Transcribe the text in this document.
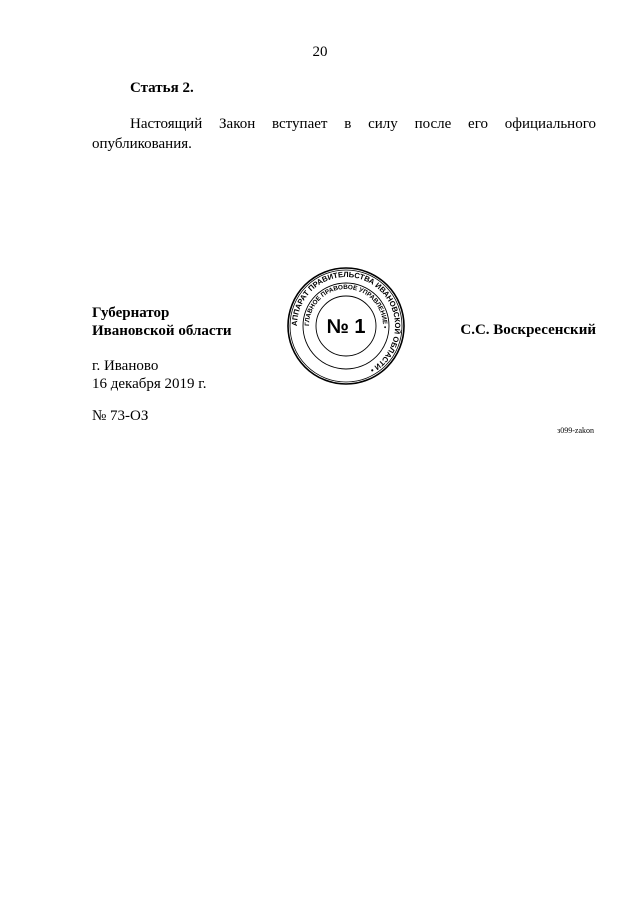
20
Статья 2.
Настоящий Закон вступает в силу после его официального
опубликования.
Губернатор
Ивановской области	С.С. Воскресенский
АППАРАТ ПРАВИТЕЛЬСТВА ИВАНОВСКОЙ ОБЛАСТИ •
ГЛАВНОЕ ПРАВОВОЕ УПРАВЛЕНИЕ •
№ 1
г. Иваново
16 декабря 2019 г.
№ 73-ОЗ
з099-zakon
